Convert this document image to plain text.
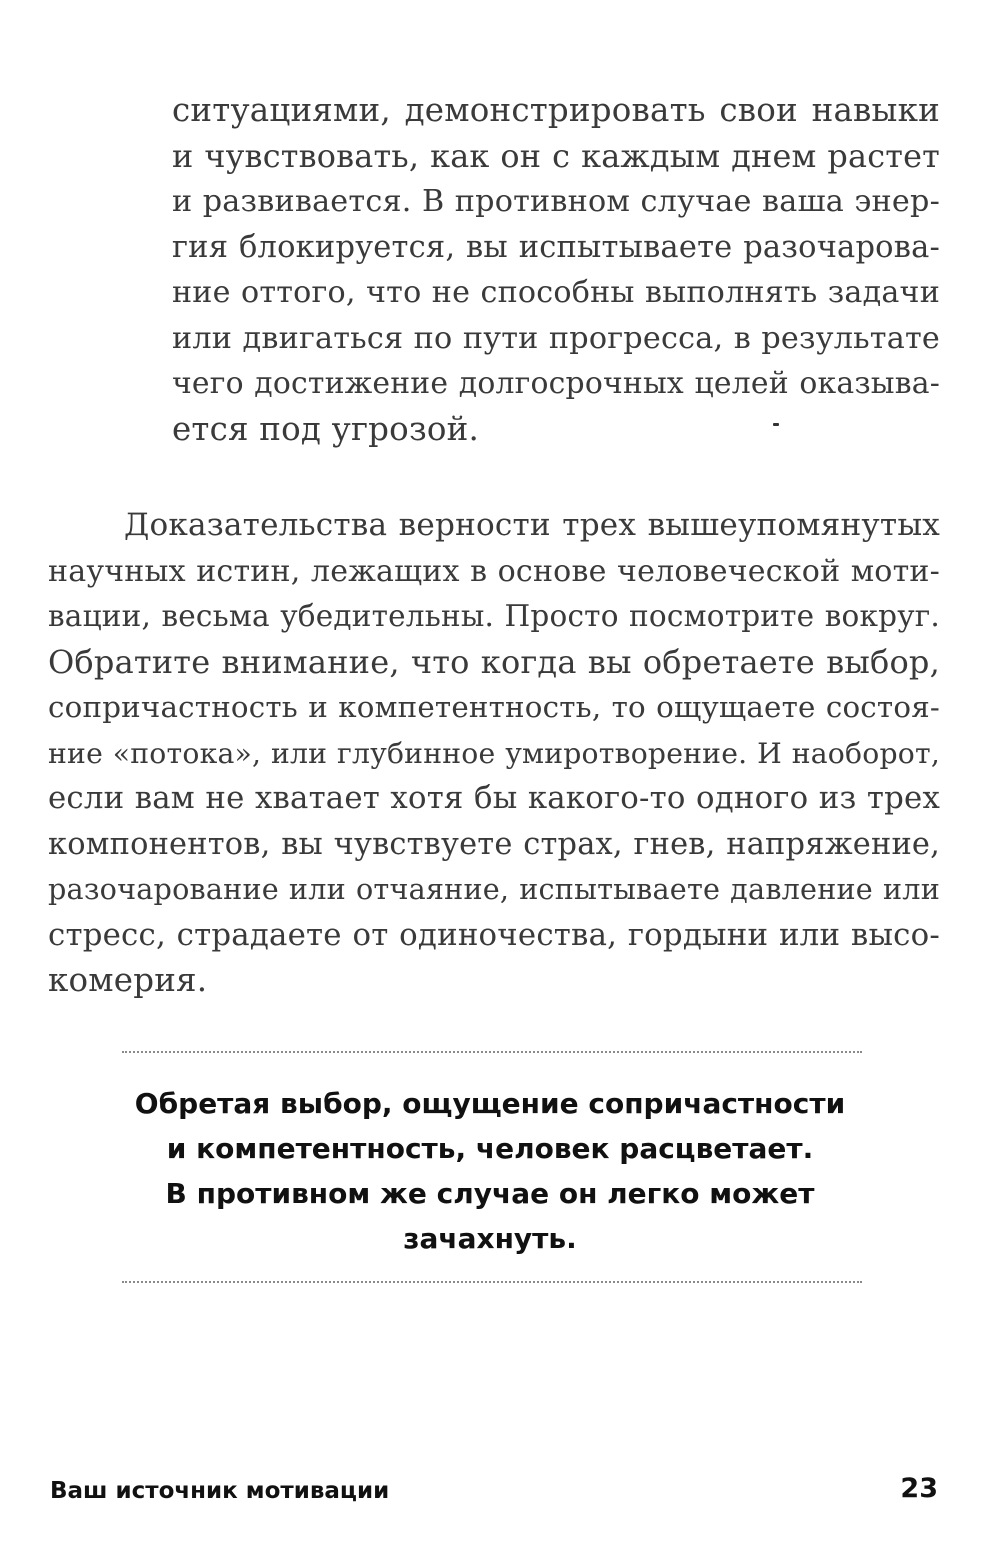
ситуациями, демонстрировать свои навыки
и чувствовать, как он с каждым днем растет
и развивается. В противном случае ваша энер-
гия блокируется, вы испытываете разочарова-
ние оттого, что не способны выполнять задачи
или двигаться по пути прогресса, в результате
чего достижение долгосрочных целей оказыва-
ется под угрозой.
Доказательства верности трех вышеупомянутых
научных истин, лежащих в основе человеческой моти-
вации, весьма убедительны. Просто посмотрите вокруг.
Обратите внимание, что когда вы обретаете выбор,
сопричастность и компетентность, то ощущаете состоя-
ние «потока», или глубинное умиротворение. И наоборот,
если вам не хватает хотя бы какого-то одного из трех
компонентов, вы чувствуете страх, гнев, напряжение,
разочарование или отчаяние, испытываете давление или
стресс, страдаете от одиночества, гордыни или высо-
комерия.
Обретая выбор, ощущение сопричастности
и компетентность, человек расцветает.
В противном же случае он легко может
зачахнуть.
Ваш источник мотивации	23
